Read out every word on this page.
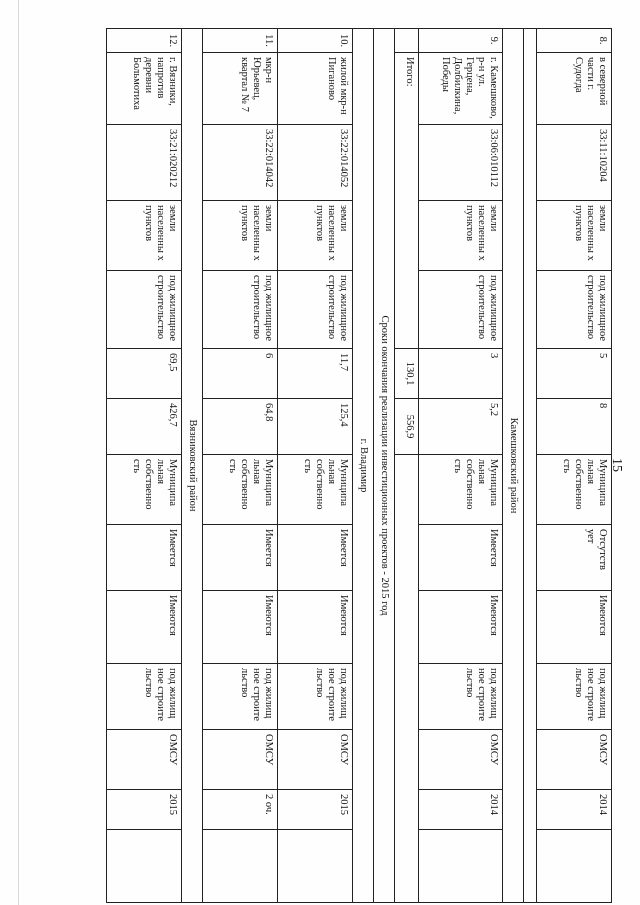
15
8.	в северной части г. Судогда	33:11:10204	земли населенны х пунктов	под жилищное строительство	5	8	Муниципа льная собственно сть	Отсутств ует	Имеются	под жилищ ное строите льство	ОМСУ	2014	

Камешковский район													
9.	г. Камешково, р-н ул. Герцена, Долбилкина, Победы	33:06:010112	земли населенны х пунктов	под жилищное строительство	3	5,2	Муниципа льная собственно сть	Имеется	Имеются	под жилищ ное строите льство	ОМСУ	2014	
	Итого:				130,1	556,9							
Сроки окончания реализации инвестиционных проектов - 2015 год													
г. Владимир													
10.	жилой мкр-н Пиганово	33:22:014052	земли населенны х пунктов	под жилищное строительство	11,7	125,4	Муниципа льная собственно сть	Имеется	Имеются	под жилищ ное строите льство	ОМСУ	2015	
11.	мкр-н Юрьевец, квартал № 7	33:22:014042	земли населенны х пунктов	под жилищное строительство	6	64,8	Муниципа льная собственно сть	Имеется	Имеются	под жилищ ное строите льство	ОМСУ	2 оч.	
Вязниковский район													
12.	г. Вязники, напротив деревни Больмотиха	33:21:020212	земли населенны х пунктов	под жилищное строительство	69,5	426,7	Муниципа льная собственно сть	Имеется	Имеются	под жилищ ное строите льство	ОМСУ	2015	
